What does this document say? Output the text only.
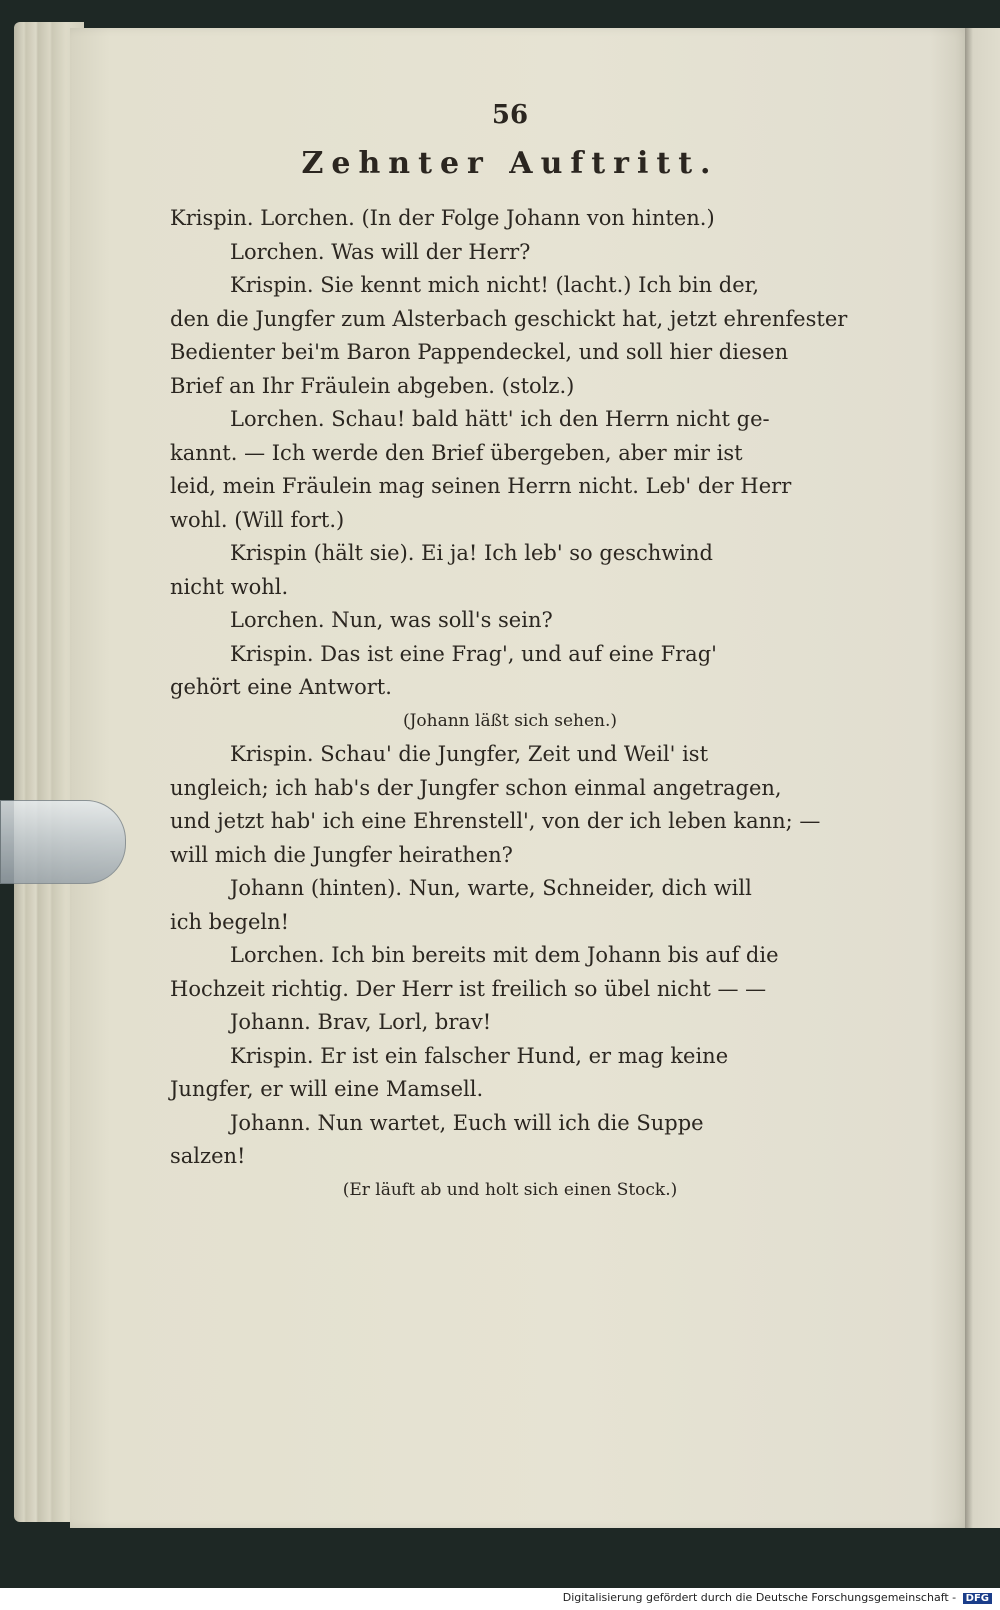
56
Zehnter Auftritt.

Krispin. Lorchen. (In der Folge Johann von hinten.)

Lorchen. Was will der Herr?

Krispin. Sie kennt mich nicht! (lacht.) Ich bin der,

den die Jungfer zum Alsterbach geschickt hat, jetzt ehrenfester

Bedienter bei'm Baron Pappendeckel, und soll hier diesen

Brief an Ihr Fräulein abgeben. (stolz.)

Lorchen. Schau! bald hätt' ich den Herrn nicht ge-

kannt. — Ich werde den Brief übergeben, aber mir ist

leid, mein Fräulein mag seinen Herrn nicht. Leb' der Herr

wohl. (Will fort.)

Krispin (hält sie). Ei ja! Ich leb' so geschwind

nicht wohl.

Lorchen. Nun, was soll's sein?

Krispin. Das ist eine Frag', und auf eine Frag'

gehört eine Antwort.

(Johann läßt sich sehen.)

Krispin. Schau' die Jungfer, Zeit und Weil' ist

ungleich; ich hab's der Jungfer schon einmal angetragen,

und jetzt hab' ich eine Ehrenstell', von der ich leben kann; —

will mich die Jungfer heirathen?

Johann (hinten). Nun, warte, Schneider, dich will

ich begeln!

Lorchen. Ich bin bereits mit dem Johann bis auf die

Hochzeit richtig. Der Herr ist freilich so übel nicht — —

Johann. Brav, Lorl, brav!

Krispin. Er ist ein falscher Hund, er mag keine

Jungfer, er will eine Mamsell.

Johann. Nun wartet, Euch will ich die Suppe

salzen!

(Er läuft ab und holt sich einen Stock.)

Digitalisierung gefördert durch die Deutsche Forschungsgemeinschaft - DFG
